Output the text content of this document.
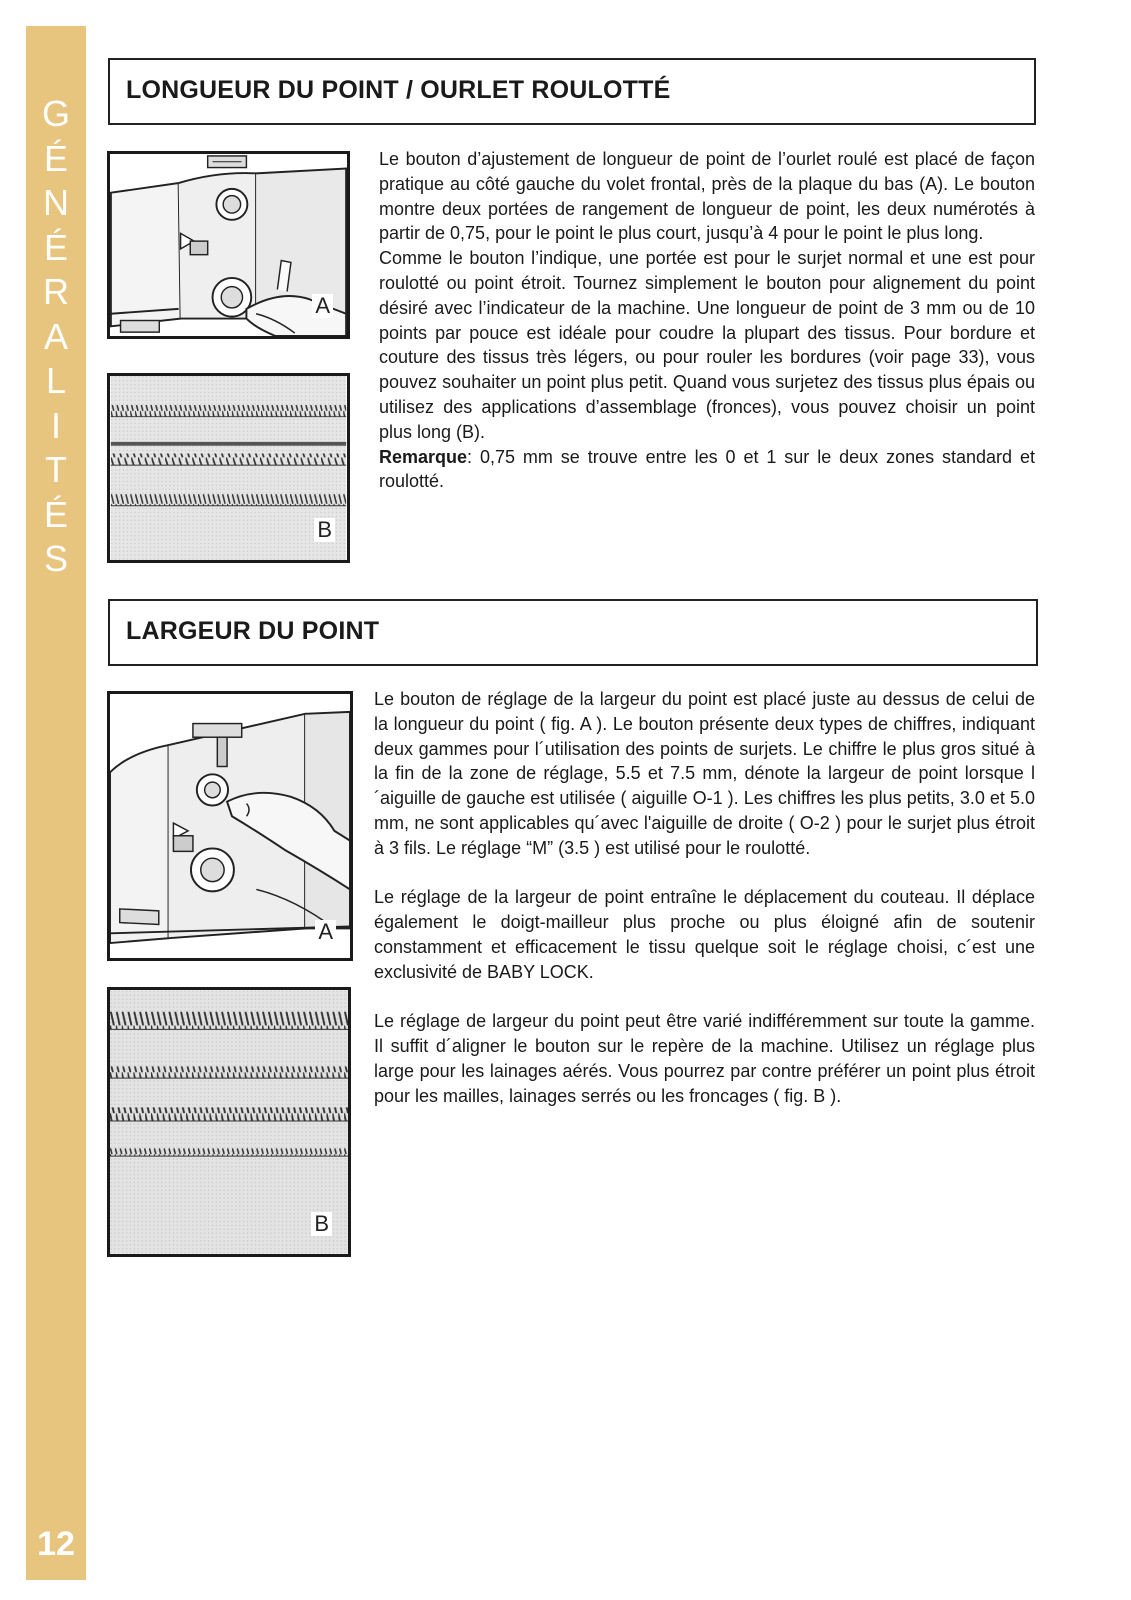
G
É
N
É
R
A
L
I
T
É
S
12
LONGUEUR DU POINT / OURLET ROULOTTÉ
A
B

Le bouton d’ajustement de longueur de point de l’ourlet roulé est placé de façon pratique au côté gauche du volet frontal, près de la plaque du bas (A). Le bouton montre deux portées de rangement de longueur de point, les deux numérotés à partir de 0,75, pour le point le plus court, jusqu’à 4 pour le point le plus long.

Comme le bouton l’indique, une portée est pour le surjet normal et une est pour roulotté ou point étroit. Tournez simplement le bouton pour alignement du point désiré avec l’indicateur de la machine. Une longueur de point de 3 mm ou de 10 points par pouce est idéale pour coudre la plupart des tissus. Pour bordure et couture des tissus très légers, ou pour rouler les bordures (voir page 33), vous pouvez souhaiter un point plus petit. Quand vous surjetez des tissus plus épais ou utilisez des applications d’assemblage (fronces), vous pouvez choisir un point plus long (B).

Remarque: 0,75 mm se trouve entre les 0 et 1 sur le deux zones standard et roulotté.

LARGEUR DU POINT
A
B

Le bouton de réglage de la largeur du point est placé juste au dessus de celui de la longueur du point ( fig. A ). Le bouton présente deux types de chiffres, indiquant deux gammes pour l´utilisation des points de surjets. Le chiffre le plus gros situé à la fin de la zone de réglage, 5.5 et 7.5 mm, dénote la largeur de point lorsque l´aiguille de gauche est utilisée ( aiguille O-1 ). Les chiffres les plus petits, 3.0 et 5.0 mm, ne sont applicables qu´avec l'aiguille de droite ( O-2 ) pour le surjet plus étroit à 3 fils. Le réglage “M” (3.5 ) est utilisé pour le roulotté.

Le réglage de la largeur de point entraîne le déplacement du couteau. Il déplace également le doigt-mailleur plus proche ou plus éloigné afin de soutenir constamment et efficacement le tissu quelque soit le réglage choisi, c´est une exclusivité de BABY LOCK.

Le réglage de largeur du point peut être varié indifféremment sur toute la gamme. Il suffit d´aligner le bouton sur le repère de la machine. Utilisez un réglage plus large pour les lainages aérés. Vous pourrez par contre préférer un point plus étroit pour les mailles, lainages serrés ou les froncages ( fig. B ).
